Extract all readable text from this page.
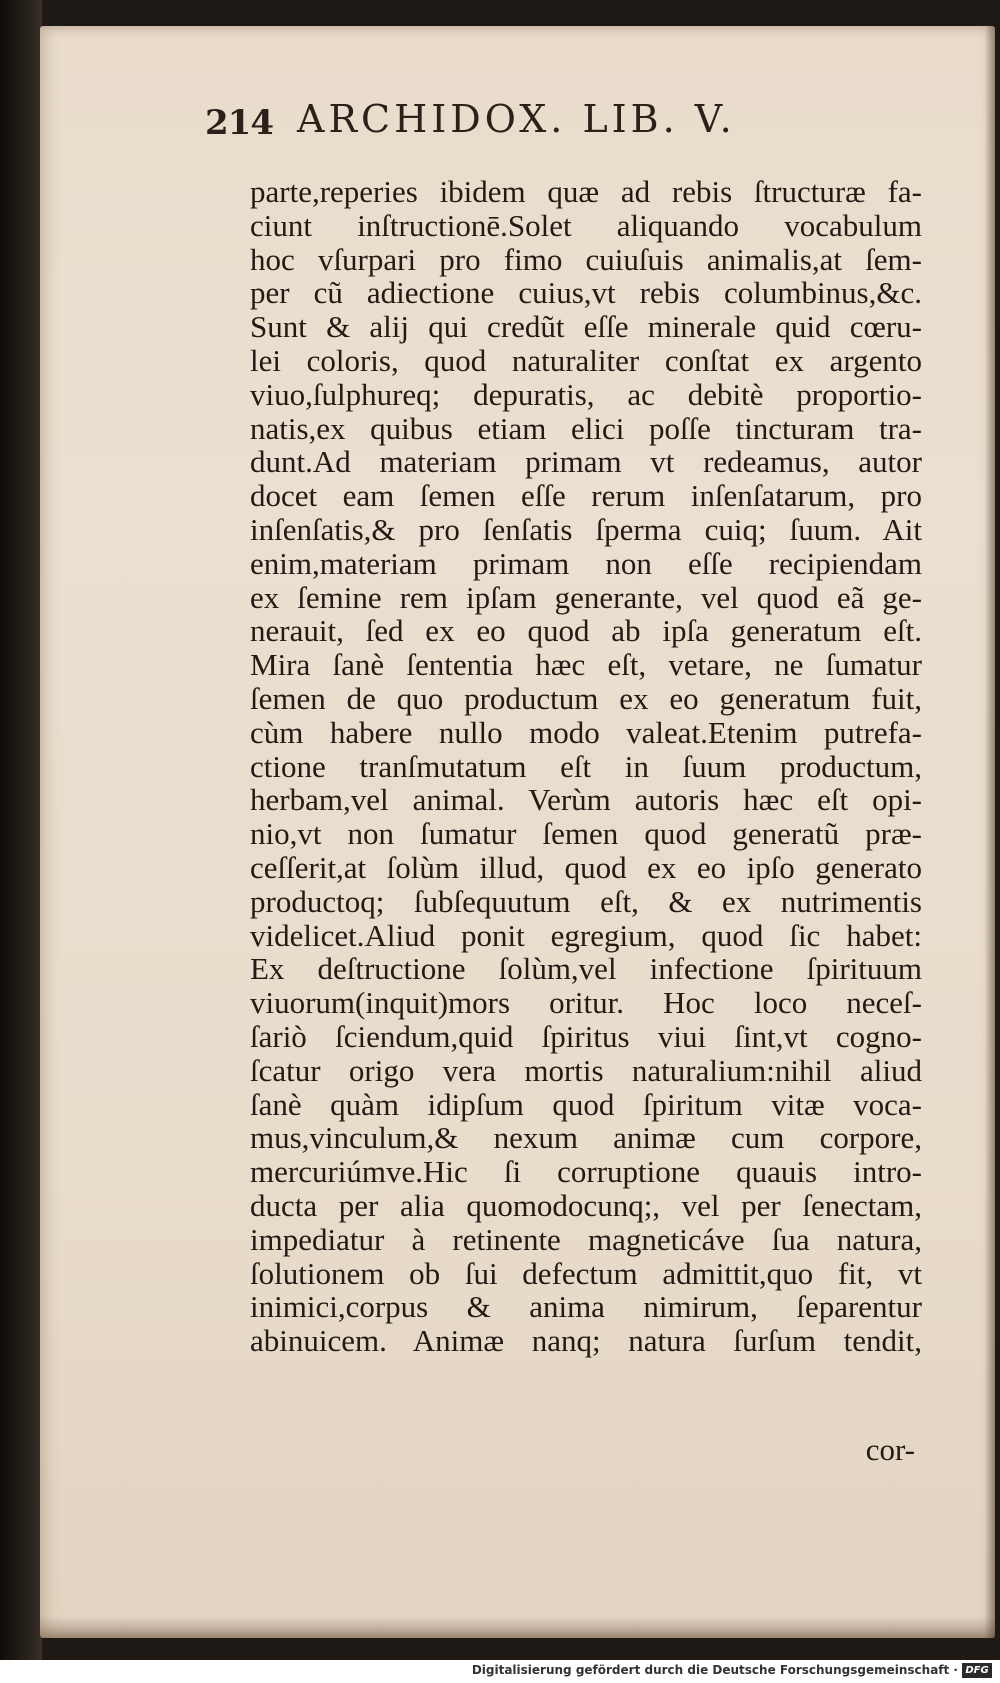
214 ARCHIDOX. LIB. V.
parte,reperies ibidem quæ ad rebis ſtructuræ fa-
ciunt inſtructionē.Solet aliquando vocabulum
hoc vſurpari pro fimo cuiuſuis animalis,at ſem-
per cũ adiectione cuius,vt rebis columbinus,&c.
Sunt & alij qui credũt eſſe minerale quid cœru-
lei coloris, quod naturaliter conſtat ex argento
viuo,ſulphureq; depuratis, ac debitè proportio-
natis,ex quibus etiam elici poſſe tincturam tra-
dunt.Ad materiam primam vt redeamus, autor
docet eam ſemen eſſe rerum inſenſatarum, pro
inſenſatis,& pro ſenſatis ſperma cuiq; ſuum. Ait
enim,materiam primam non eſſe recipiendam
ex ſemine rem ipſam generante, vel quod eã ge-
nerauit, ſed ex eo quod ab ipſa generatum eſt.
Mira ſanè ſententia hæc eſt, vetare, ne ſumatur
ſemen de quo productum ex eo generatum fuit,
cùm habere nullo modo valeat.Etenim putrefa-
ctione tranſmutatum eſt in ſuum productum,
herbam,vel animal. Verùm autoris hæc eſt opi-
nio,vt non ſumatur ſemen quod generatũ præ-
ceſſerit,at ſolùm illud, quod ex eo ipſo generato
productoq; ſubſequutum eſt, & ex nutrimentis
videlicet.Aliud ponit egregium, quod ſic habet:
Ex deſtructione ſolùm,vel infectione ſpirituum
viuorum(inquit)mors oritur. Hoc loco neceſ-
ſariò ſciendum,quid ſpiritus viui ſint,vt cogno-
ſcatur origo vera mortis naturalium:nihil aliud
ſanè quàm idipſum quod ſpiritum vitæ voca-
mus,vinculum,& nexum animæ cum corpore,
mercuriúmve.Hic ſi corruptione quauis intro-
ducta per alia quomodocunq;, vel per ſenectam,
impediatur à retinente magneticáve ſua natura,
ſolutionem ob ſui defectum admittit,quo fit, vt
inimici,corpus & anima nimirum, ſeparentur
abinuicem. Animæ nanq; natura ſurſum tendit,
cor-
Digitalisierung gefördert durch die Deutsche Forschungsgemeinschaft · DFG
